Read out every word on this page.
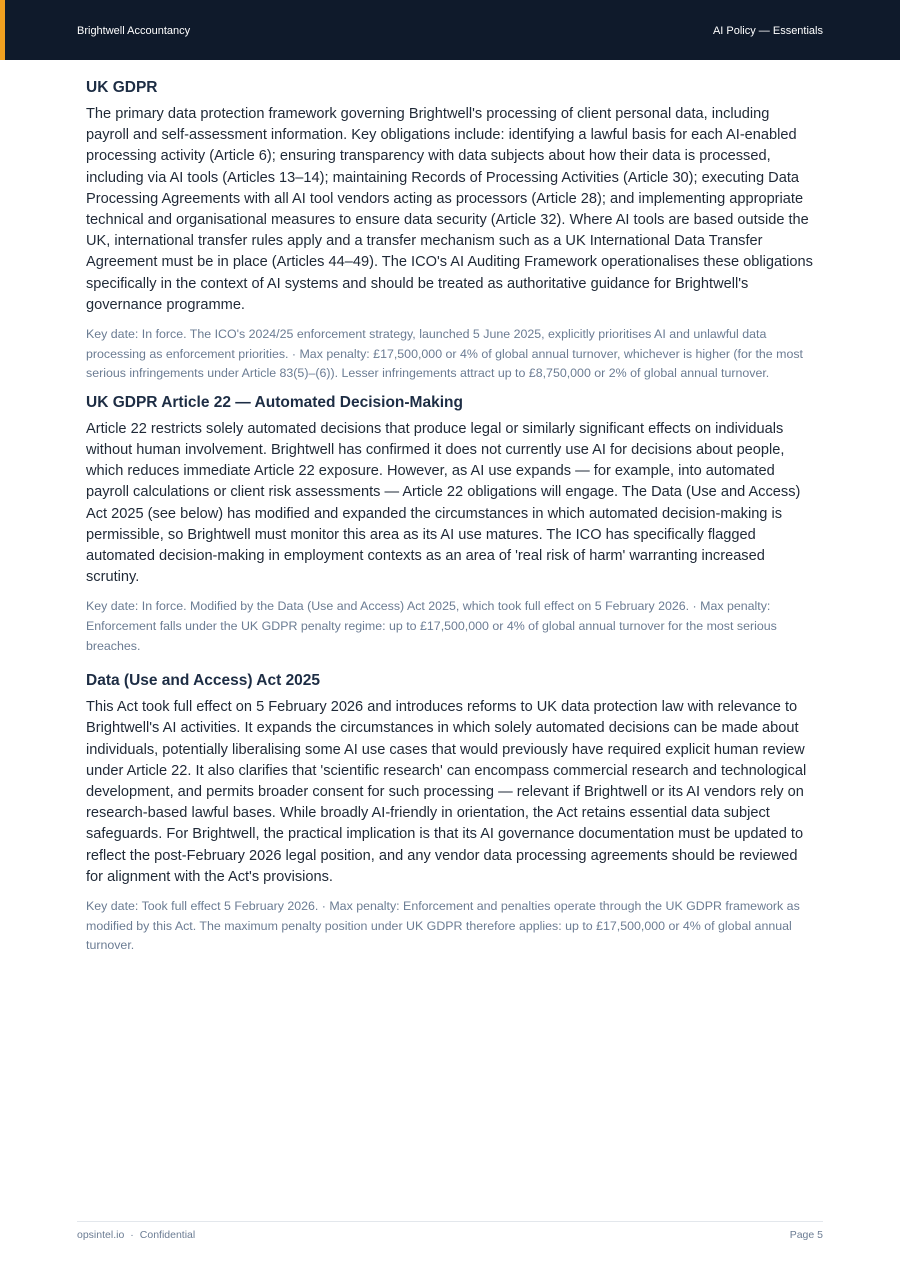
Brightwell Accountancy	AI Policy — Essentials
UK GDPR

The primary data protection framework governing Brightwell's processing of client personal data, including payroll and self-assessment information. Key obligations include: identifying a lawful basis for each AI-enabled processing activity (Article 6); ensuring transparency with data subjects about how their data is processed, including via AI tools (Articles 13–14); maintaining Records of Processing Activities (Article 30); executing Data Processing Agreements with all AI tool vendors acting as processors (Article 28); and implementing appropriate technical and organisational measures to ensure data security (Article 32). Where AI tools are based outside the UK, international transfer rules apply and a transfer mechanism such as a UK International Data Transfer Agreement must be in place (Articles 44–49). The ICO's AI Auditing Framework operationalises these obligations specifically in the context of AI systems and should be treated as authoritative guidance for Brightwell's governance programme.

Key date: In force. The ICO's 2024/25 enforcement strategy, launched 5 June 2025, explicitly prioritises AI and unlawful data processing as enforcement priorities. · Max penalty: £17,500,000 or 4% of global annual turnover, whichever is higher (for the most serious infringements under Article 83(5)–(6)). Lesser infringements attract up to £8,750,000 or 2% of global annual turnover.

UK GDPR Article 22 — Automated Decision-Making

Article 22 restricts solely automated decisions that produce legal or similarly significant effects on individuals without human involvement. Brightwell has confirmed it does not currently use AI for decisions about people, which reduces immediate Article 22 exposure. However, as AI use expands — for example, into automated payroll calculations or client risk assessments — Article 22 obligations will engage. The Data (Use and Access) Act 2025 (see below) has modified and expanded the circumstances in which automated decision-making is permissible, so Brightwell must monitor this area as its AI use matures. The ICO has specifically flagged automated decision-making in employment contexts as an area of 'real risk of harm' warranting increased scrutiny.

Key date: In force. Modified by the Data (Use and Access) Act 2025, which took full effect on 5 February 2026. · Max penalty: Enforcement falls under the UK GDPR penalty regime: up to £17,500,000 or 4% of global annual turnover for the most serious breaches.

Data (Use and Access) Act 2025

This Act took full effect on 5 February 2026 and introduces reforms to UK data protection law with relevance to Brightwell's AI activities. It expands the circumstances in which solely automated decisions can be made about individuals, potentially liberalising some AI use cases that would previously have required explicit human review under Article 22. It also clarifies that 'scientific research' can encompass commercial research and technological development, and permits broader consent for such processing — relevant if Brightwell or its AI vendors rely on research-based lawful bases. While broadly AI-friendly in orientation, the Act retains essential data subject safeguards. For Brightwell, the practical implication is that its AI governance documentation must be updated to reflect the post-February 2026 legal position, and any vendor data processing agreements should be reviewed for alignment with the Act's provisions.

Key date: Took full effect 5 February 2026. · Max penalty: Enforcement and penalties operate through the UK GDPR framework as modified by this Act. The maximum penalty position under UK GDPR therefore applies: up to £17,500,000 or 4% of global annual turnover.

opsintel.io · Confidential	Page 5
